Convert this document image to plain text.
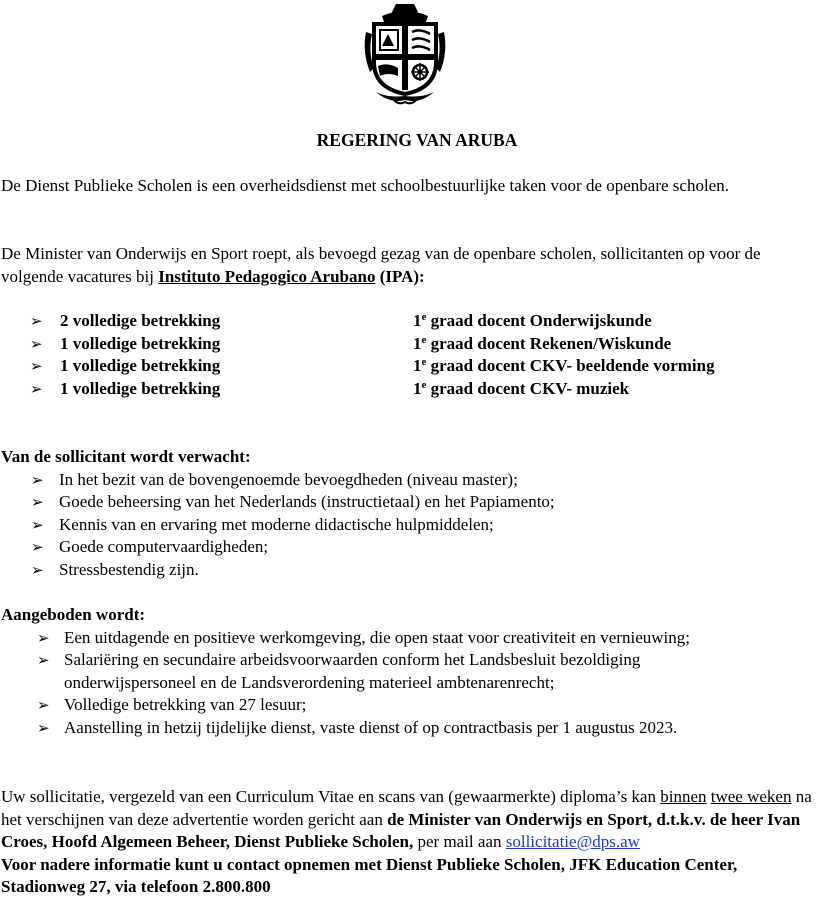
REGERING VAN ARUBA

De Dienst Publieke Scholen is een overheidsdienst met schoolbestuurlijke taken voor de openbare scholen.

De Minister van Onderwijs en Sport roept, als bevoegd gezag van de openbare scholen, sollicitanten op voor de volgende vacatures bij Instituto Pedagogico Arubano (IPA):

➢ 2 volledige betrekking	1e graad docent Onderwijskunde
➢ 1 volledige betrekking	1e graad docent Rekenen/Wiskunde
➢ 1 volledige betrekking	1e graad docent CKV- beeldende vorming
➢ 1 volledige betrekking	1e graad docent CKV- muziek

Van de sollicitant wordt verwacht:

➢ In het bezit van de bovengenoemde bevoegdheden (niveau master);
➢ Goede beheersing van het Nederlands (instructietaal) en het Papiamento;
➢ Kennis van en ervaring met moderne didactische hulpmiddelen;
➢ Goede computervaardigheden;
➢ Stressbestendig zijn.

Aangeboden wordt:

➢ Een uitdagende en positieve werkomgeving, die open staat voor creativiteit en vernieuwing;
➢ Salariëring en secundaire arbeidsvoorwaarden conform het Landsbesluit bezoldiging onderwijspersoneel en de Landsverordening materieel ambtenarenrecht;
➢ Volledige betrekking van 27 lesuur;
➢ Aanstelling in hetzij tijdelijke dienst, vaste dienst of op contractbasis per 1 augustus 2023.

Uw sollicitatie, vergezeld van een Curriculum Vitae en scans van (gewaarmerkte) diploma’s kan binnen twee weken na het verschijnen van deze advertentie worden gericht aan de Minister van Onderwijs en Sport, d.t.k.v. de heer Ivan Croes, Hoofd Algemeen Beheer, Dienst Publieke Scholen, per mail aan sollicitatie@dps.aw

Voor nadere informatie kunt u contact opnemen met Dienst Publieke Scholen, JFK Education Center, Stadionweg 27, via telefoon 2.800.800
